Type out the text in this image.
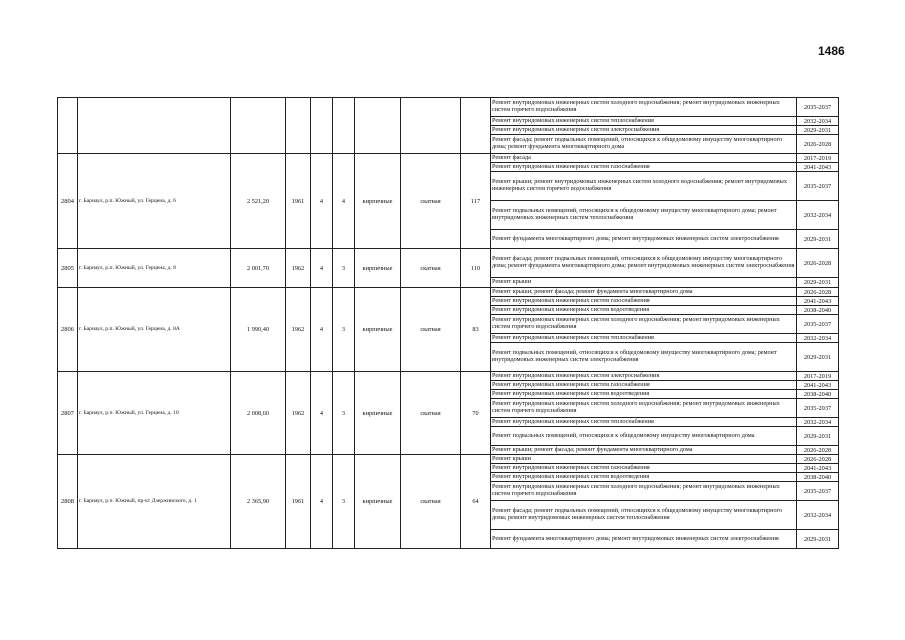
1486
									Ремонт внутридомовых инженерных систем холодного водоснабжения; ремонт внутридомовых инженерных систем горячего водоснабжения	2035-2037
									Ремонт внутридомовых инженерных систем теплоснабжения	2032-2034
									Ремонт внутридомовых инженерных систем электроснабжения	2029-2031
									Ремонт фасада; ремонт подвальных помещений, относящихся к общедомовому имуществу многоквартирного дома; ремонт фундамента многоквартирного дома	2026-2028
2804	г. Барнаул, р.п. Южный, ул. Герцена, д. 6	2 521,20	1961	4	4	кирпичные	скатная	117	Ремонт фасада	2017-2019
									Ремонт внутридомовых инженерных систем газоснабжения	2041-2043
									Ремонт крыши; ремонт внутридомовых инженерных систем холодного водоснабжения; ремонт внутридомовых инженерных систем горячего водоснабжения	2035-2037
									Ремонт подвальных помещений, относящихся к общедомовому имуществу многоквартирного дома; ремонт внутридомовых инженерных систем теплоснабжения	2032-2034
									Ремонт фундамента многоквартирного дома; ремонт внутридомовых инженерных систем электроснабжения	2029-2031
2805	г. Барнаул, р.п. Южный, ул. Герцена, д. 8	2 001,70	1962	4	3	кирпичные	скатная	110	Ремонт фасада; ремонт подвальных помещений, относящихся к общедомовому имуществу многоквартирного дома; ремонт фундамента многоквартирного дома; ремонт внутридомовых инженерных систем электроснабжения	2026-2028
									Ремонт крыши	2029-2031
2806	г. Барнаул, р.п. Южный, ул. Герцена, д. 8А	1 990,40	1962	4	3	кирпичные	скатная	83	Ремонт крыши; ремонт фасада; ремонт фундамента многоквартирного дома	2026-2028
									Ремонт внутридомовых инженерных систем газоснабжения	2041-2043
									Ремонт внутридомовых инженерных систем водоотведения	2038-2040
									Ремонт внутридомовых инженерных систем холодного водоснабжения; ремонт внутридомовых инженерных систем горячего водоснабжения	2035-2037
									Ремонт внутридомовых инженерных систем теплоснабжения	2032-2034
									Ремонт подвальных помещений, относящихся к общедомовому имуществу многоквартирного дома; ремонт внутридомовых инженерных систем электроснабжения	2029-2031
2807	г. Барнаул, р.п. Южный, ул. Герцена, д. 10	2 008,60	1962	4	3	кирпичные	скатная	70	Ремонт внутридомовых инженерных систем электроснабжения	2017-2019
									Ремонт внутридомовых инженерных систем газоснабжения	2041-2043
									Ремонт внутридомовых инженерных систем водоотведения	2038-2040
									Ремонт внутридомовых инженерных систем холодного водоснабжения; ремонт внутридомовых инженерных систем горячего водоснабжения	2035-2037
									Ремонт внутридомовых инженерных систем теплоснабжения	2032-2034
									Ремонт подвальных помещений, относящихся к общедомовому имуществу многоквартирного дома	2029-2031
									Ремонт крыши; ремонт фасада; ремонт фундамента многоквартирного дома	2026-2028
2808	г. Барнаул, р.п. Южный, пр-кт Дзержинского, д. 1	2 365,90	1961	4	3	кирпичные	скатная	64	Ремонт крыши	2026-2028
									Ремонт внутридомовых инженерных систем газоснабжения	2041-2043
									Ремонт внутридомовых инженерных систем водоотведения	2038-2040
									Ремонт внутридомовых инженерных систем холодного водоснабжения; ремонт внутридомовых инженерных систем горячего водоснабжения	2035-2037
									Ремонт фасада; ремонт подвальных помещений, относящихся к общедомовому имуществу многоквартирного дома; ремонт внутридомовых инженерных систем теплоснабжения	2032-2034
									Ремонт фундамента многоквартирного дома; ремонт внутридомовых инженерных систем электроснабжения	2029-2031
